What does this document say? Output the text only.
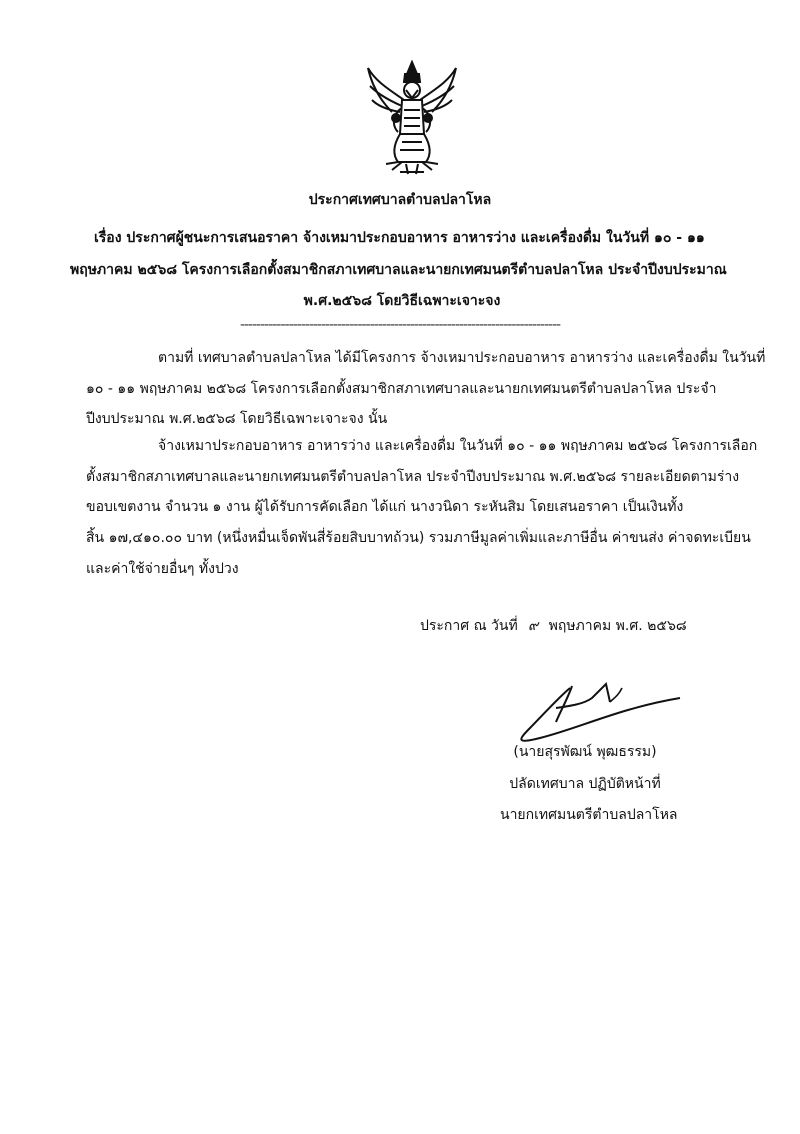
ประกาศเทศบาลตำบลปลาโหล
เรื่อง ประกาศผู้ชนะการเสนอราคา จ้างเหมาประกอบอาหาร อาหารว่าง และเครื่องดื่ม ในวันที่ ๑๐ - ๑๑
พฤษภาคม ๒๕๖๘ โครงการเลือกตั้งสมาชิกสภาเทศบาลและนายกเทศมนตรีตำบลปลาโหล ประจำปีงบประมาณ
พ.ศ.๒๕๖๘ โดยวิธีเฉพาะเจาะจง
-------------------------------------------------------------------------------
ตามที่ เทศบาลตำบลปลาโหล ได้มีโครงการ จ้างเหมาประกอบอาหาร อาหารว่าง และเครื่องดื่ม ในวันที่
๑๐ - ๑๑ พฤษภาคม ๒๕๖๘ โครงการเลือกตั้งสมาชิกสภาเทศบาลและนายกเทศมนตรีตำบลปลาโหล ประจำ
ปีงบประมาณ พ.ศ.๒๕๖๘ โดยวิธีเฉพาะเจาะจง นั้น
จ้างเหมาประกอบอาหาร อาหารว่าง และเครื่องดื่ม ในวันที่ ๑๐ - ๑๑ พฤษภาคม ๒๕๖๘ โครงการเลือก
ตั้งสมาชิกสภาเทศบาลและนายกเทศมนตรีตำบลปลาโหล ประจำปีงบประมาณ พ.ศ.๒๕๖๘ รายละเอียดตามร่าง
ขอบเขตงาน จำนวน ๑ งาน ผู้ได้รับการคัดเลือก ได้แก่ นางวนิดา ระหันสิม โดยเสนอราคา เป็นเงินทั้ง
สิ้น ๑๗,๔๑๐.๐๐ บาท (หนึ่งหมื่นเจ็ดพันสี่ร้อยสิบบาทถ้วน) รวมภาษีมูลค่าเพิ่มและภาษีอื่น ค่าขนส่ง ค่าจดทะเบียน
และค่าใช้จ่ายอื่นๆ ทั้งปวง
ประกาศ ณ วันที่ ๙ พฤษภาคม พ.ศ. ๒๕๖๘
(นายสุรพัฒน์ พุฒธรรม)
ปลัดเทศบาล ปฏิบัติหน้าที่
นายกเทศมนตรีตำบลปลาโหล
